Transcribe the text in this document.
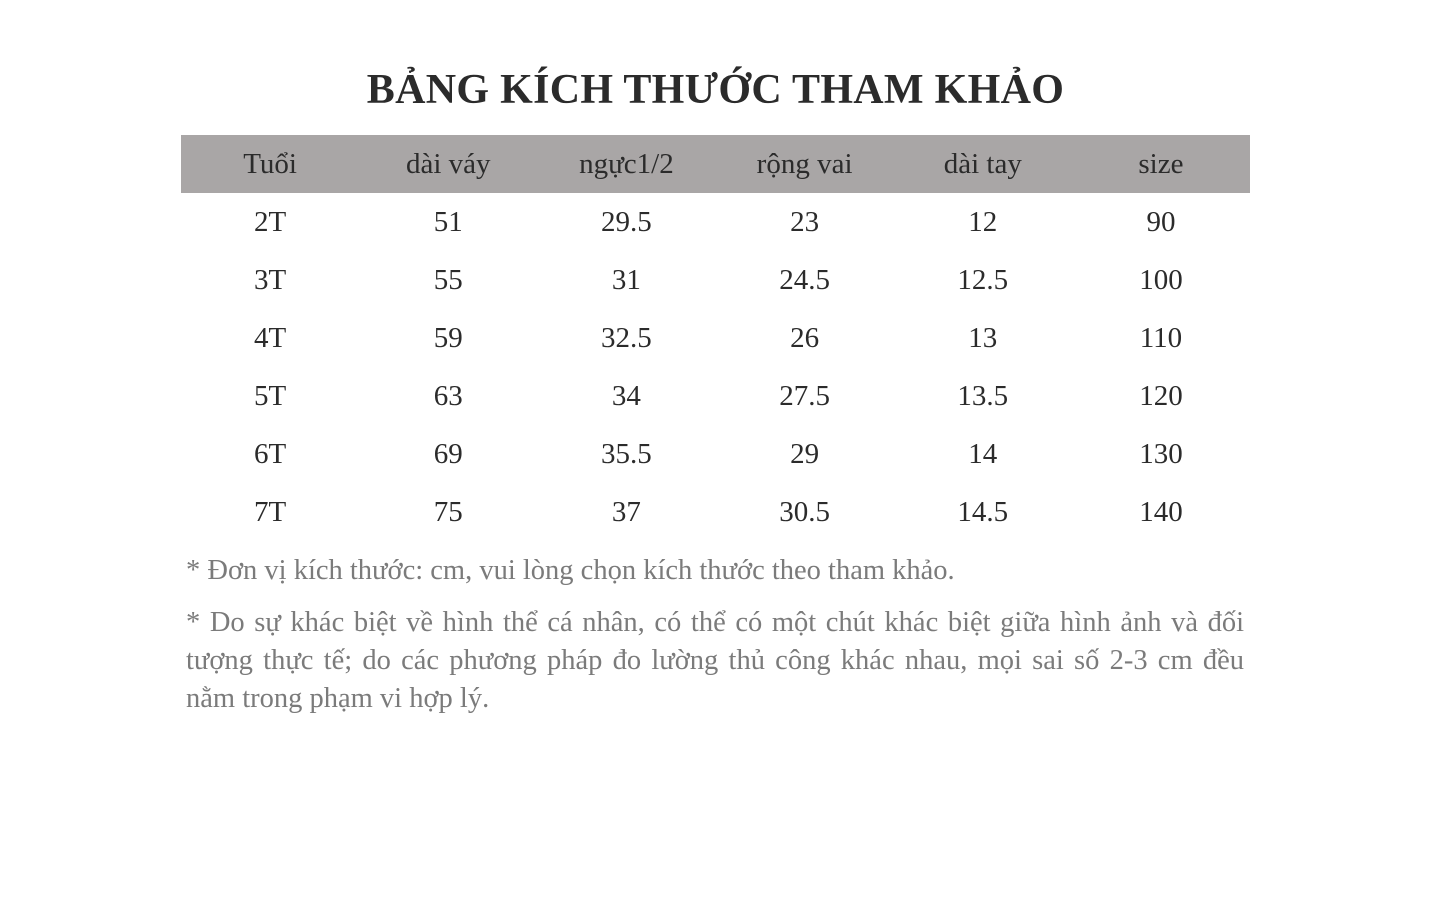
BẢNG KÍCH THƯỚC THAM KHẢO
Tuổi	dài váy	ngực1/2	rộng vai	dài tay	size
2T	51	29.5	23	12	90
3T	55	31	24.5	12.5	100
4T	59	32.5	26	13	110
5T	63	34	27.5	13.5	120
6T	69	35.5	29	14	130
7T	75	37	30.5	14.5	140

* Đơn vị kích thước: cm, vui lòng chọn kích thước theo tham khảo.

* Do sự khác biệt về hình thể cá nhân, có thể có một chút khác biệt giữa hình ảnh và đối tượng thực tế; do các phương pháp đo lường thủ công khác nhau, mọi sai số 2-3 cm đều nằm trong phạm vi hợp lý.
